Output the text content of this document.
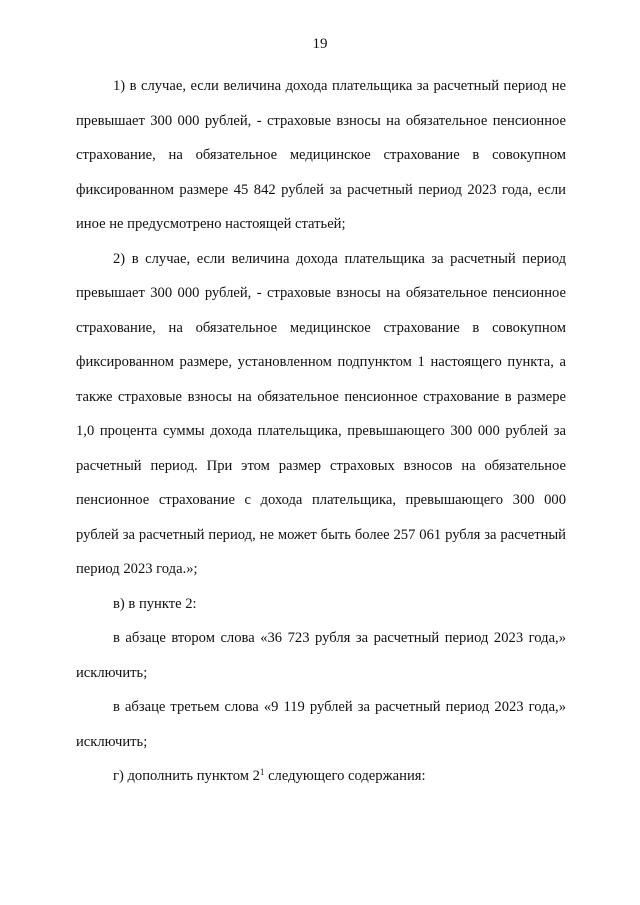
19

1) в случае, если величина дохода плательщика за расчетный период не превышает 300 000 рублей, - страховые взносы на обязательное пенсионное страхование, на обязательное медицинское страхование в совокупном фиксированном размере 45 842 рублей за расчетный период 2023 года, если иное не предусмотрено настоящей статьей;

2) в случае, если величина дохода плательщика за расчетный период превышает 300 000 рублей, - страховые взносы на обязательное пенсионное страхование, на обязательное медицинское страхование в совокупном фиксированном размере, установленном подпунктом 1 настоящего пункта, а также страховые взносы на обязательное пенсионное страхование в размере 1,0 процента суммы дохода плательщика, превышающего 300 000 рублей за расчетный период. При этом размер страховых взносов на обязательное пенсионное страхование с дохода плательщика, превышающего 300 000 рублей за расчетный период, не может быть более 257 061 рубля за расчетный период 2023 года.»;

в) в пункте 2:

в абзаце втором слова «36 723 рубля за расчетный период 2023 года,» исключить;

в абзаце третьем слова «9 119 рублей за расчетный период 2023 года,» исключить;

г) дополнить пунктом $2^1$ следующего содержания:
